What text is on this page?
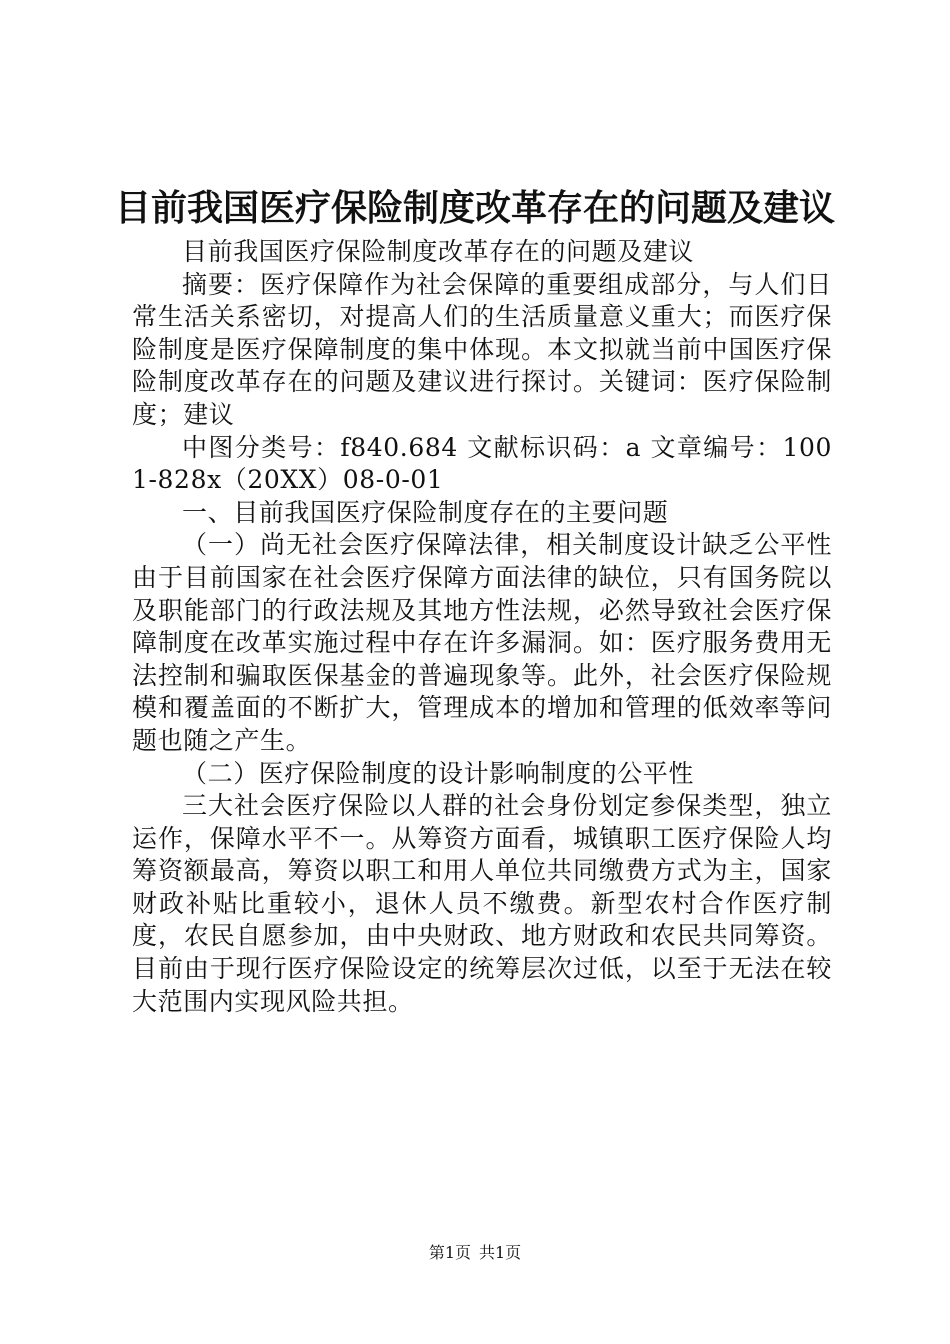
目前我国医疗保险制度改革存在的问题及建议

目前我国医疗保险制度改革存在的问题及建议

摘要：医疗保障作为社会保障的重要组成部分，与人们日常生活关系密切，对提高人们的生活质量意义重大；而医疗保险制度是医疗保障制度的集中体现。本文拟就当前中国医疗保险制度改革存在的问题及建议进行探讨。关键词：医疗保险制度；建议

中图分类号：f840.684 文献标识码：a 文章编号：1001-828x（20XX）08-0-01

一、目前我国医疗保险制度存在的主要问题

（一）尚无社会医疗保障法律，相关制度设计缺乏公平性由于目前国家在社会医疗保障方面法律的缺位，只有国务院以及职能部门的行政法规及其地方性法规，必然导致社会医疗保障制度在改革实施过程中存在许多漏洞。如：医疗服务费用无法控制和骗取医保基金的普遍现象等。此外，社会医疗保险规模和覆盖面的不断扩大，管理成本的增加和管理的低效率等问题也随之产生。

（二）医疗保险制度的设计影响制度的公平性

三大社会医疗保险以人群的社会身份划定参保类型，独立运作，保障水平不一。从筹资方面看，城镇职工医疗保险人均筹资额最高，筹资以职工和用人单位共同缴费方式为主，国家财政补贴比重较小，退休人员不缴费。新型农村合作医疗制度，农民自愿参加，由中央财政、地方财政和农民共同筹资。目前由于现行医疗保险设定的统筹层次过低，以至于无法在较大范围内实现风险共担。

第1页 共1页
